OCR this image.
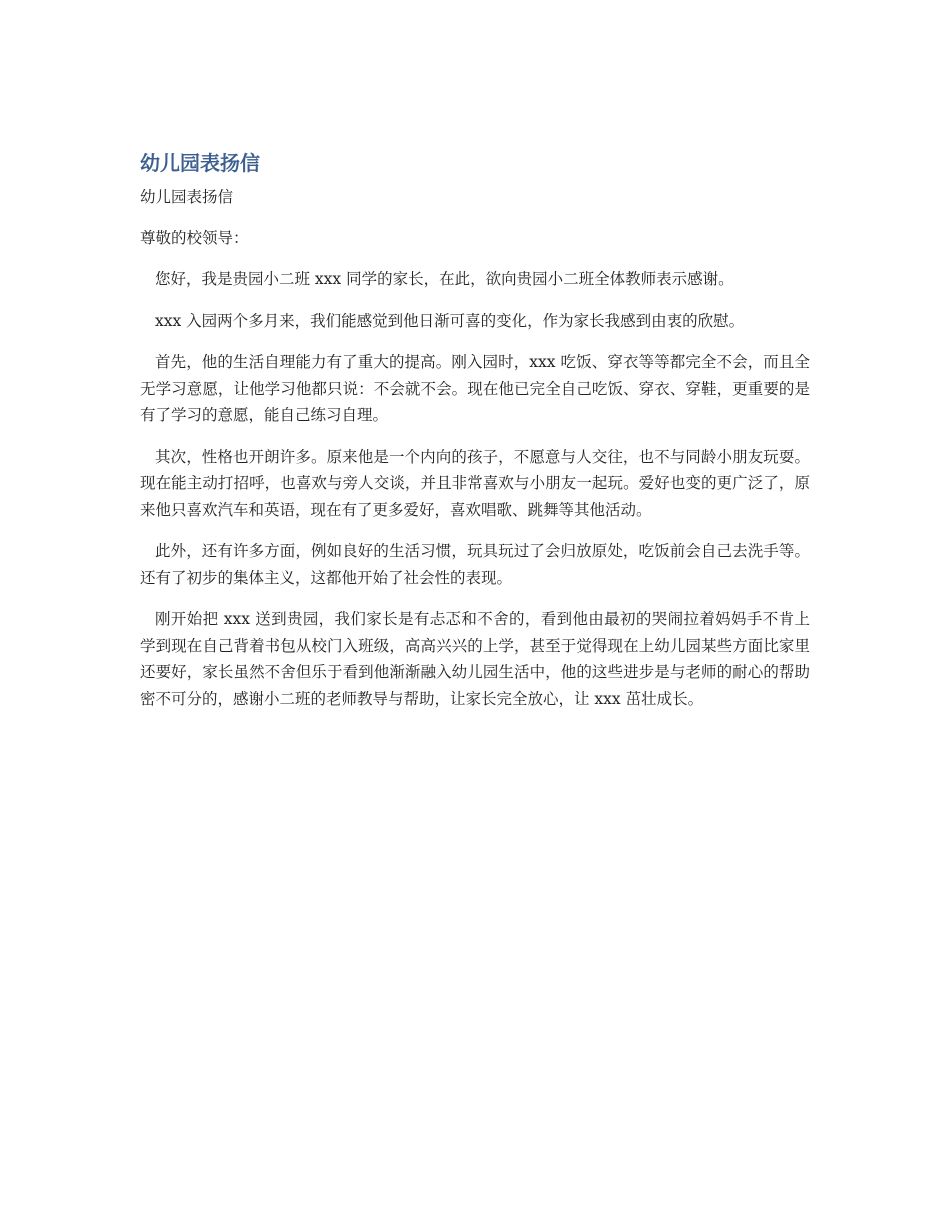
幼儿园表扬信
幼儿园表扬信
尊敬的校领导：

您好，我是贵园小二班 xxx 同学的家长，在此，欲向贵园小二班全体教师表示感谢。

xxx 入园两个多月来，我们能感觉到他日渐可喜的变化，作为家长我感到由衷的欣慰。

首先，他的生活自理能力有了重大的提高。刚入园时，xxx 吃饭、穿衣等等都完全不会，而且全无学习意愿，让他学习他都只说：不会就不会。现在他已完全自己吃饭、穿衣、穿鞋，更重要的是有了学习的意愿，能自己练习自理。

其次，性格也开朗许多。原来他是一个内向的孩子，不愿意与人交往，也不与同龄小朋友玩耍。现在能主动打招呼，也喜欢与旁人交谈，并且非常喜欢与小朋友一起玩。爱好也变的更广泛了，原来他只喜欢汽车和英语，现在有了更多爱好，喜欢唱歌、跳舞等其他活动。

此外，还有许多方面，例如良好的生活习惯，玩具玩过了会归放原处，吃饭前会自己去洗手等。还有了初步的集体主义，这都他开始了社会性的表现。

刚开始把 xxx 送到贵园，我们家长是有忐忑和不舍的，看到他由最初的哭闹拉着妈妈手不肯上学到现在自己背着书包从校门入班级，高高兴兴的上学，甚至于觉得现在上幼儿园某些方面比家里还要好，家长虽然不舍但乐于看到他渐渐融入幼儿园生活中，他的这些进步是与老师的耐心的帮助密不可分的，感谢小二班的老师教导与帮助，让家长完全放心，让 xxx 茁壮成长。
